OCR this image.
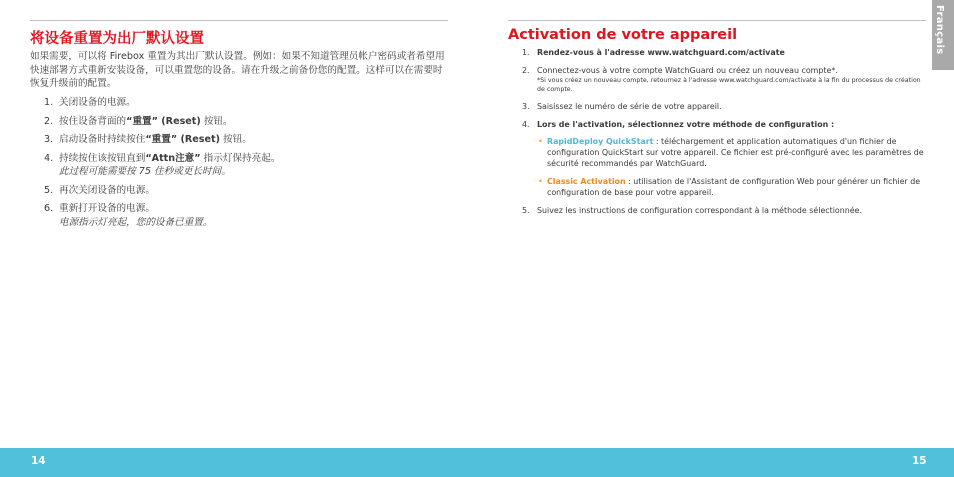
Français
将设备重置为出厂默认设置

如果需要，可以将 Firebox 重置为其出厂默认设置。例如：如果不知道管理员帐户密码或者希望用快速部署方式重新安装设备，可以重置您的设备。请在升级之前备份您的配置。这样可以在需要时恢复升级前的配置。

1. 关闭设备的电源。
2. 按住设备背面的“重置” (Reset) 按钮。
3. 启动设备时持续按住“重置” (Reset) 按钮。
4. 持续按住该按钮直到“Attn注意” 指示灯保持亮起。
此过程可能需要按 75 住秒或更长时间。
5. 再次关闭设备的电源。
6. 重新打开设备的电源。
电源指示灯亮起，您的设备已重置。
Activation de votre appareil
1. Rendez-vous à l'adresse www.watchguard.com/activate
2. Connectez-vous à votre compte WatchGuard ou créez un nouveau compte*.
*Si vous créez un nouveau compte, retournez à l'adresse www.watchguard.com/activate à la fin du processus de création de compte.
3. Saisissez le numéro de série de votre appareil.
4. Lors de l'activation, sélectionnez votre méthode de configuration :
• RapidDeploy QuickStart : téléchargement et application automatiques d'un fichier de configuration QuickStart sur votre appareil. Ce fichier est pré-configuré avec les paramètres de sécurité recommandés par WatchGuard.
• Classic Activation : utilisation de l'Assistant de configuration Web pour générer un fichier de configuration de base pour votre appareil.
5. Suivez les instructions de configuration correspondant à la méthode sélectionnée.
14	15
